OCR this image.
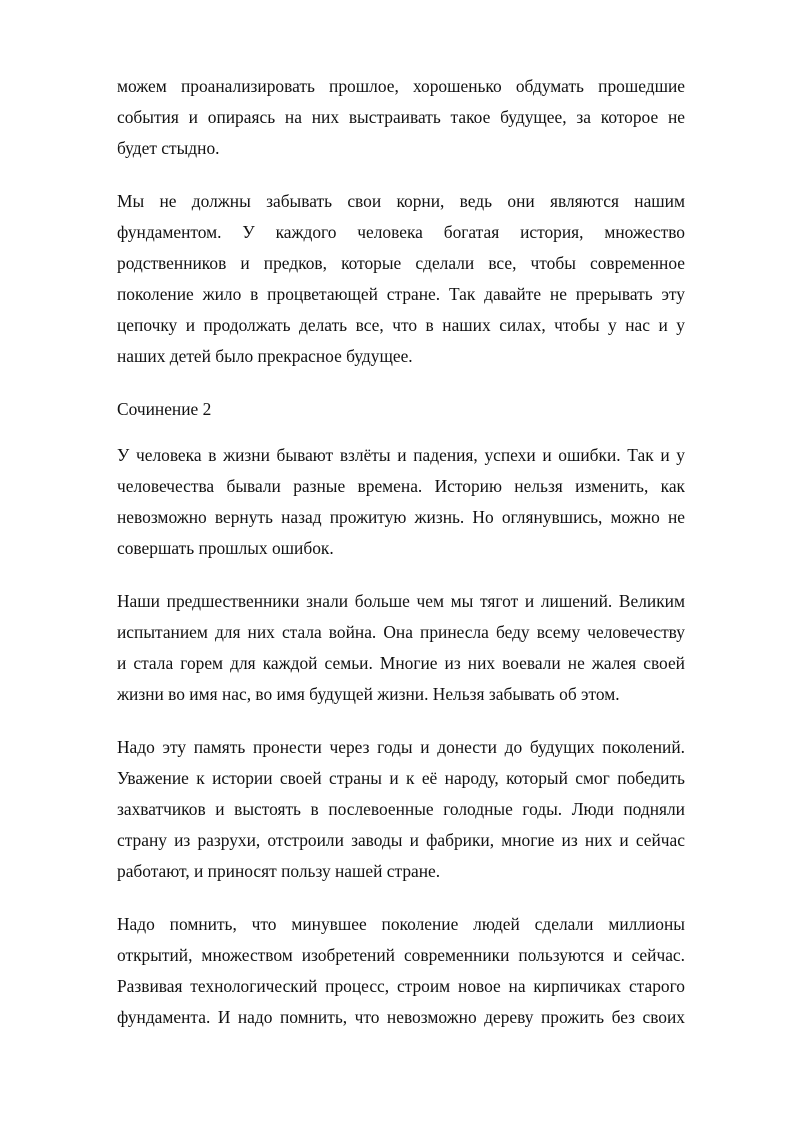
можем проанализировать прошлое, хорошенько обдумать прошедшие
события и опираясь на них выстраивать такое будущее, за которое не
будет стыдно.
Мы не должны забывать свои корни, ведь они являются нашим
фундаментом. У каждого человека богатая история, множество
родственников и предков, которые сделали все, чтобы современное
поколение жило в процветающей стране. Так давайте не прерывать эту
цепочку и продолжать делать все, что в наших силах, чтобы у нас и у
наших детей было прекрасное будущее.
Сочинение 2
У человека в жизни бывают взлёты и падения, успехи и ошибки. Так и у
человечества бывали разные времена. Историю нельзя изменить, как
невозможно вернуть назад прожитую жизнь. Но оглянувшись, можно не
совершать прошлых ошибок.
Наши предшественники знали больше чем мы тягот и лишений. Великим
испытанием для них стала война. Она принесла беду всему человечеству
и стала горем для каждой семьи. Многие из них воевали не жалея своей
жизни во имя нас, во имя будущей жизни. Нельзя забывать об этом.
Надо эту память пронести через годы и донести до будущих поколений.
Уважение к истории своей страны и к её народу, который смог победить
захватчиков и выстоять в послевоенные голодные годы. Люди подняли
страну из разрухи, отстроили заводы и фабрики, многие из них и сейчас
работают, и приносят пользу нашей стране.
Надо помнить, что минувшее поколение людей сделали миллионы
открытий, множеством изобретений современники пользуются и сейчас.
Развивая технологический процесс, строим новое на кирпичиках старого
фундамента. И надо помнить, что невозможно дереву прожить без своих
